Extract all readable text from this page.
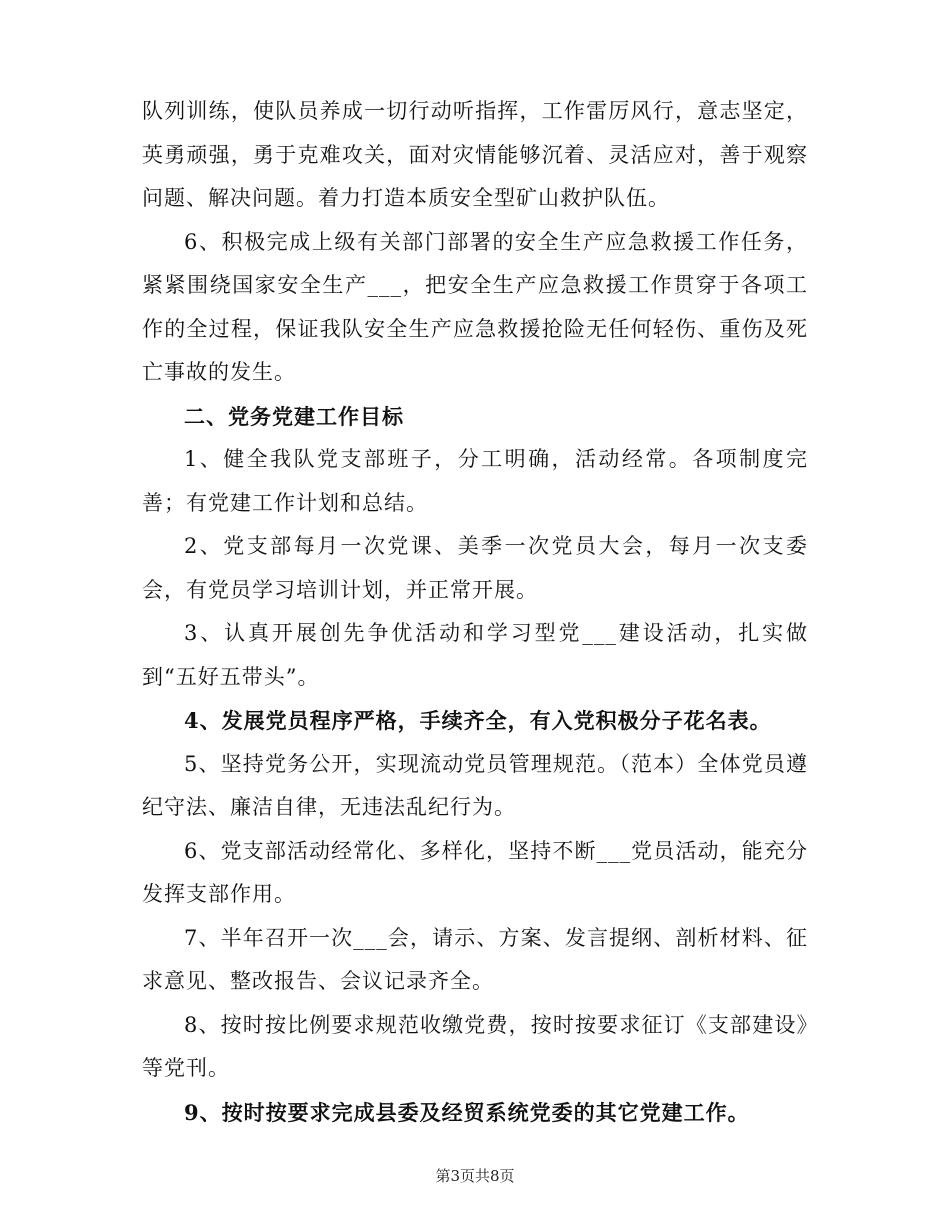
队列训练，使队员养成一切行动听指挥，工作雷厉风行，意志坚定，英勇顽强，勇于克难攻关，面对灾情能够沉着、灵活应对，善于观察问题、解决问题。着力打造本质安全型矿山救护队伍。

6、积极完成上级有关部门部署的安全生产应急救援工作任务，紧紧围绕国家安全生产___，把安全生产应急救援工作贯穿于各项工作的全过程，保证我队安全生产应急救援抢险无任何轻伤、重伤及死亡事故的发生。

二、党务党建工作目标

1、健全我队党支部班子，分工明确，活动经常。各项制度完善；有党建工作计划和总结。

2、党支部每月一次党课、美季一次党员大会，每月一次支委会，有党员学习培训计划，并正常开展。

3、认真开展创先争优活动和学习型党___建设活动，扎实做到“五好五带头”。

4、发展党员程序严格，手续齐全，有入党积极分子花名表。

5、坚持党务公开，实现流动党员管理规范。（范本）全体党员遵纪守法、廉洁自律，无违法乱纪行为。

6、党支部活动经常化、多样化，坚持不断___党员活动，能充分发挥支部作用。

7、半年召开一次___会，请示、方案、发言提纲、剖析材料、征求意见、整改报告、会议记录齐全。

8、按时按比例要求规范收缴党费，按时按要求征订《支部建设》等党刊。

9、按时按要求完成县委及经贸系统党委的其它党建工作。

第3页共8页
